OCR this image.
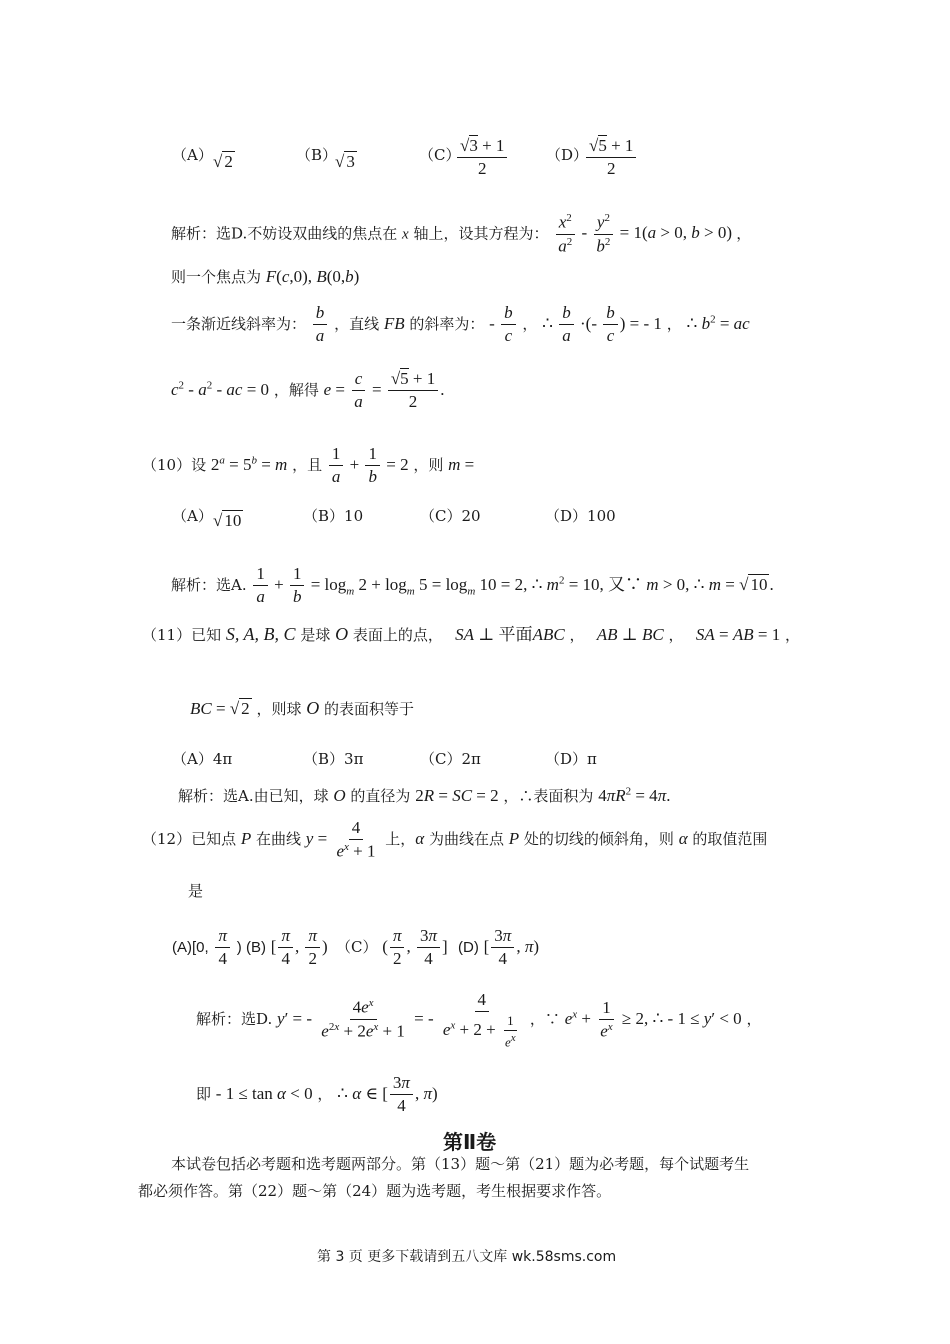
（A） √ 2	（B）
√ 3	（C）
$\frac{√3 + 1}{2}$	（D）
$\frac{√5 + 1}{2}$
解析：选D.不妨设双曲线的焦点在 x 轴上，设其方程为： $\frac{x^2}{a^2} - \frac{y^2}{b^2} = 1(a > 0$, b > 0) ，
则一个焦点为 F(c,0), B(0,b)
一条渐近线斜率为： $\frac{b}{a}$ ，直线 FB 的斜率为： - $\frac{b}{c}$ ， ∴ $\frac{b}{a}$ ·(- $\frac{b}{c}$ ) = - 1 ， ∴ $b^2$ = ac
$c^2 - a^2$ - ac = 0 ，解得 $e = \frac{c}{a} = \frac{√5 + 1}{2}$ .
（10）设 $2^a = 5^b = m$ ，且 $\frac{1}{a} + \frac{1}{b} = 2$ ，则 m =
（A） √ 10	（B）10	（C）20	（D）100
解析：选A. $\frac{1}{a} + \frac{1}{b} = \log_m 2 + \log_m 5 = \log_m 10 = 2$, ∴ $m^2 = 10$, 又∵ m > 0, ∴ m = √ 10 .
（11）已知 S, A, B, C 是球 O 表面上的点，　 SA ⊥ 平面ABC ，　 AB ⊥ BC ，　 SA = AB = 1 ，
BC = √ 2 ，则球 O 的表面积等于
（A）4π	（B）3π	（C）2π	（D）π
解析：选A.由已知，球 O 的直径为 2R = SC = 2 ，∴表面积为 $4\pi R^2 = 4\pi$.
（12）已知点 P 在曲线 $y = \frac{4}{e^x + 1}$ 上，α 为曲线在点 P 处的切线的倾斜角，则 α 的取值范围
是
(A)[0, $\frac{\pi}{4}$ ) (B) [ $\frac{\pi}{4}$ , $\frac{\pi}{2}$ ) （C） ( $\frac{\pi}{2}$ , $\frac{3\pi}{4}$ ] (D) [ $\frac{3\pi}{4}$ , π)
解析：选D. y′ = - $\frac{4e^x}{e^{2x} + 2e^x + 1}$ = - $\frac{4}{e^x + 2 + \frac{1}{e^x}}$ ，∵ $e^x + \frac{1}{e^x} \ge 2$, ∴ - 1 ≤ y′ < 0 ，
即 - 1 ≤ tan α < 0 ， ∴ α ∈ [ $\frac{3\pi}{4}$ , π)
第Ⅱ卷
本试卷包括必考题和选考题两部分。第（13）题～第（21）题为必考题，每个试题考生
都必须作答。第（22）题～第（24）题为选考题，考生根据要求作答。
第 3 页 更多下载请到五八文库 wk.58sms.com
